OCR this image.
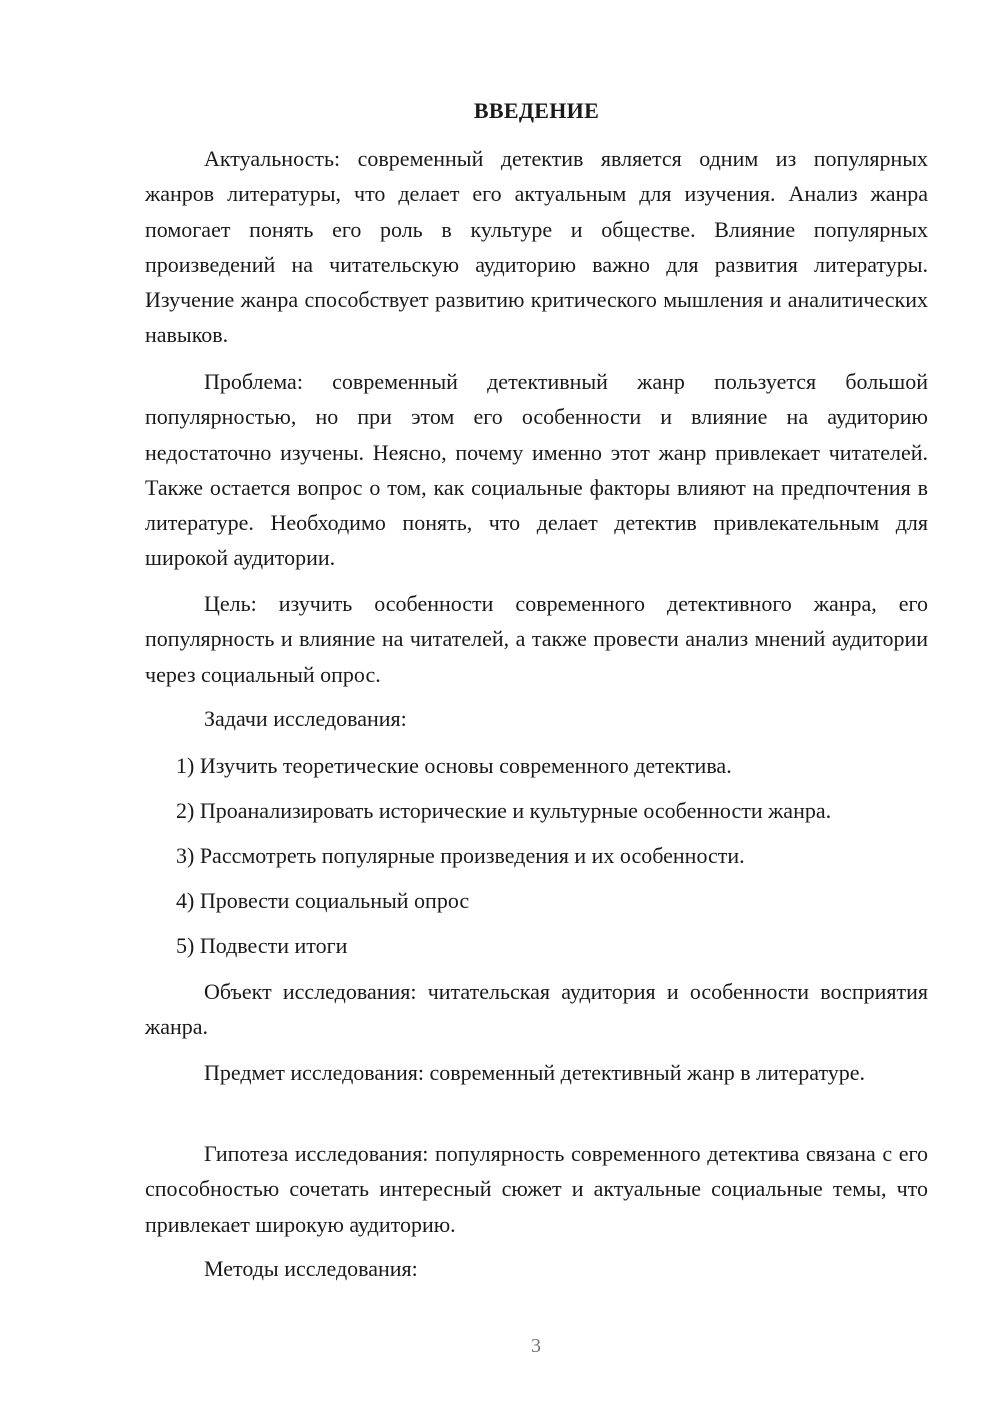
ВВЕДЕНИЕ

Актуальность: современный детектив является одним из популярных жанров литературы, что делает его актуальным для изучения. Анализ жанра помогает понять его роль в культуре и обществе. Влияние популярных произведений на читательскую аудиторию важно для развития литературы. Изучение жанра способствует развитию критического мышления и аналитических навыков.

Проблема: современный детективный жанр пользуется большой популярностью, но при этом его особенности и влияние на аудиторию недостаточно изучены. Неясно, почему именно этот жанр привлекает читателей. Также остается вопрос о том, как социальные факторы влияют на предпочтения в литературе. Необходимо понять, что делает детектив привлекательным для широкой аудитории.

Цель: изучить особенности современного детективного жанра, его популярность и влияние на читателей, а также провести анализ мнений аудитории через социальный опрос.

Задачи исследования:

1) Изучить теоретические основы современного детектива.

2) Проанализировать исторические и культурные особенности жанра.

3) Рассмотреть популярные произведения и их особенности.

4) Провести социальный опрос

5) Подвести итоги

Объект исследования: читательская аудитория и особенности восприятия жанра.

Предмет исследования: современный детективный жанр в литературе.

Гипотеза исследования: популярность современного детектива связана с его способностью сочетать интересный сюжет и актуальные социальные темы, что привлекает широкую аудиторию.

Методы исследования:

3
